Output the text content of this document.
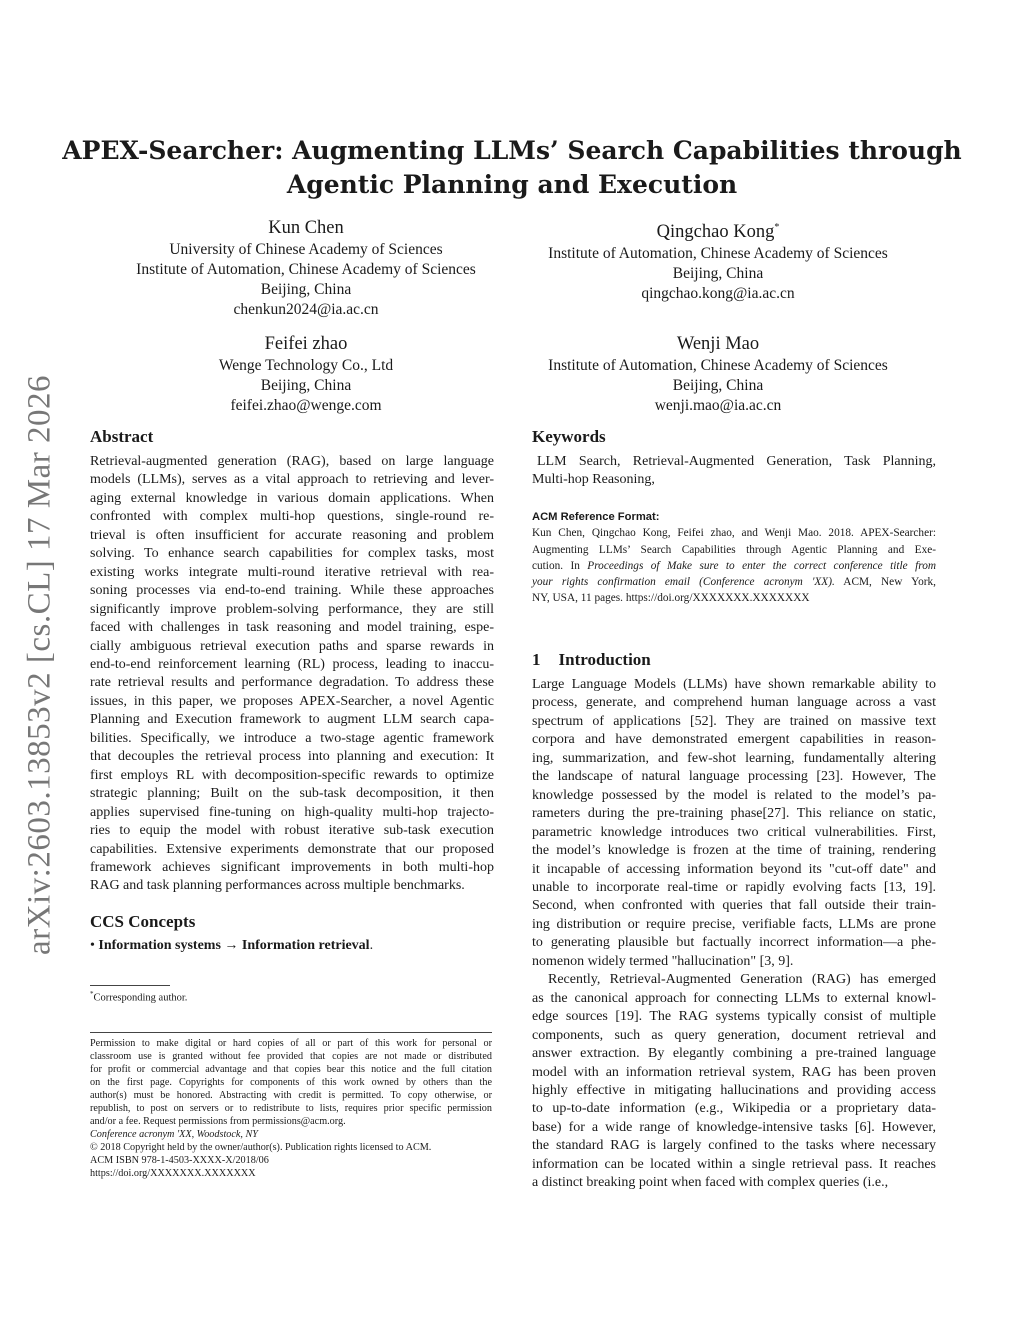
arXiv:2603.13853v2 [cs.CL] 17 Mar 2026
APEX-Searcher: Augmenting LLMs’ Search Capabilities through
Agentic Planning and Execution
Kun Chen
University of Chinese Academy of Sciences
Institute of Automation, Chinese Academy of Sciences
Beijing, China
chenkun2024@ia.ac.cn
Qingchao Kong*
Institute of Automation, Chinese Academy of Sciences
Beijing, China
qingchao.kong@ia.ac.cn
Feifei zhao
Wenge Technology Co., Ltd
Beijing, China
feifei.zhao@wenge.com
Wenji Mao
Institute of Automation, Chinese Academy of Sciences
Beijing, China
wenji.mao@ia.ac.cn
Abstract
Retrieval-augmented generation (RAG), based on large language
models (LLMs), serves as a vital approach to retrieving and lever-
aging external knowledge in various domain applications. When
confronted with complex multi-hop questions, single-round re-
trieval is often insufficient for accurate reasoning and problem
solving. To enhance search capabilities for complex tasks, most
existing works integrate multi-round iterative retrieval with rea-
soning processes via end-to-end training. While these approaches
significantly improve problem-solving performance, they are still
faced with challenges in task reasoning and model training, espe-
cially ambiguous retrieval execution paths and sparse rewards in
end-to-end reinforcement learning (RL) process, leading to inaccu-
rate retrieval results and performance degradation. To address these
issues, in this paper, we proposes APEX-Searcher, a novel Agentic
Planning and Execution framework to augment LLM search capa-
bilities. Specifically, we introduce a two-stage agentic framework
that decouples the retrieval process into planning and execution: It
first employs RL with decomposition-specific rewards to optimize
strategic planning; Built on the sub-task decomposition, it then
applies supervised fine-tuning on high-quality multi-hop trajecto-
ries to equip the model with robust iterative sub-task execution
capabilities. Extensive experiments demonstrate that our proposed
framework achieves significant improvements in both multi-hop
RAG and task planning performances across multiple benchmarks.
CCS Concepts
• Information systems → Information retrieval.
*Corresponding author.
Permission to make digital or hard copies of all or part of this work for personal or
classroom use is granted without fee provided that copies are not made or distributed
for profit or commercial advantage and that copies bear this notice and the full citation
on the first page. Copyrights for components of this work owned by others than the
author(s) must be honored. Abstracting with credit is permitted. To copy otherwise, or
republish, to post on servers or to redistribute to lists, requires prior specific permission
and/or a fee. Request permissions from permissions@acm.org.
Conference acronym 'XX, Woodstock, NY
© 2018 Copyright held by the owner/author(s). Publication rights licensed to ACM.
ACM ISBN 978-1-4503-XXXX-X/2018/06
https://doi.org/XXXXXXX.XXXXXXX
Keywords
LLM Search, Retrieval-Augmented Generation, Task Planning,
Multi-hop Reasoning,
ACM Reference Format:
Kun Chen, Qingchao Kong, Feifei zhao, and Wenji Mao. 2018. APEX-Searcher:
Augmenting LLMs’ Search Capabilities through Agentic Planning and Exe-
cution. In Proceedings of Make sure to enter the correct conference title from
your rights confirmation email (Conference acronym 'XX). ACM, New York,
NY, USA, 11 pages. https://doi.org/XXXXXXX.XXXXXXX
1 Introduction
Large Language Models (LLMs) have shown remarkable ability to
process, generate, and comprehend human language across a vast
spectrum of applications [52]. They are trained on massive text
corpora and have demonstrated emergent capabilities in reason-
ing, summarization, and few-shot learning, fundamentally altering
the landscape of natural language processing [23]. However, The
knowledge possessed by the model is related to the model’s pa-
rameters during the pre-training phase[27]. This reliance on static,
parametric knowledge introduces two critical vulnerabilities. First,
the model’s knowledge is frozen at the time of training, rendering
it incapable of accessing information beyond its "cut-off date" and
unable to incorporate real-time or rapidly evolving facts [13, 19].
Second, when confronted with queries that fall outside their train-
ing distribution or require precise, verifiable facts, LLMs are prone
to generating plausible but factually incorrect information—a phe-
nomenon widely termed "hallucination" [3, 9].
Recently, Retrieval-Augmented Generation (RAG) has emerged
as the canonical approach for connecting LLMs to external knowl-
edge sources [19]. The RAG systems typically consist of multiple
components, such as query generation, document retrieval and
answer extraction. By elegantly combining a pre-trained language
model with an information retrieval system, RAG has been proven
highly effective in mitigating hallucinations and providing access
to up-to-date information (e.g., Wikipedia or a proprietary data-
base) for a wide range of knowledge-intensive tasks [6]. However,
the standard RAG is largely confined to the tasks where necessary
information can be located within a single retrieval pass. It reaches
a distinct breaking point when faced with complex queries (i.e.,
